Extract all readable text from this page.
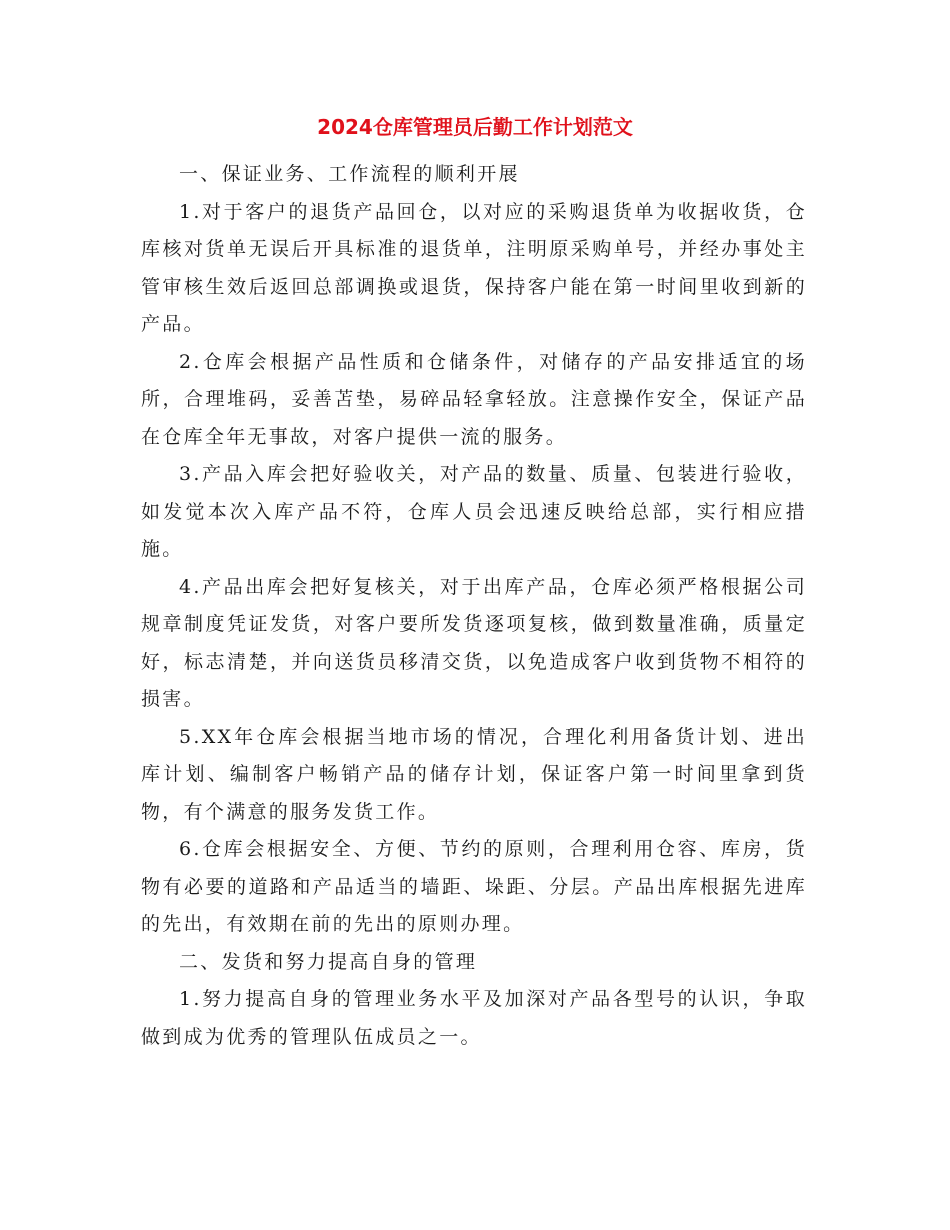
2024仓库管理员后勤工作计划范文

一、保证业务、工作流程的顺利开展

1.对于客户的退货产品回仓，以对应的采购退货单为收据收货，仓库核对货单无误后开具标准的退货单，注明原采购单号，并经办事处主管审核生效后返回总部调换或退货，保持客户能在第一时间里收到新的产品。

2.仓库会根据产品性质和仓储条件，对储存的产品安排适宜的场所，合理堆码，妥善苫垫，易碎品轻拿轻放。注意操作安全，保证产品在仓库全年无事故，对客户提供一流的服务。

3.产品入库会把好验收关，对产品的数量、质量、包装进行验收，如发觉本次入库产品不符，仓库人员会迅速反映给总部，实行相应措施。

4.产品出库会把好复核关，对于出库产品，仓库必须严格根据公司规章制度凭证发货，对客户要所发货逐项复核，做到数量准确，质量定好，标志清楚，并向送货员移清交货，以免造成客户收到货物不相符的损害。

5.XX年仓库会根据当地市场的情况，合理化利用备货计划、进出库计划、编制客户畅销产品的储存计划，保证客户第一时间里拿到货物，有个满意的服务发货工作。

6.仓库会根据安全、方便、节约的原则，合理利用仓容、库房，货物有必要的道路和产品适当的墙距、垛距、分层。产品出库根据先进库的先出，有效期在前的先出的原则办理。

二、发货和努力提高自身的管理

1.努力提高自身的管理业务水平及加深对产品各型号的认识，争取做到成为优秀的管理队伍成员之一。
